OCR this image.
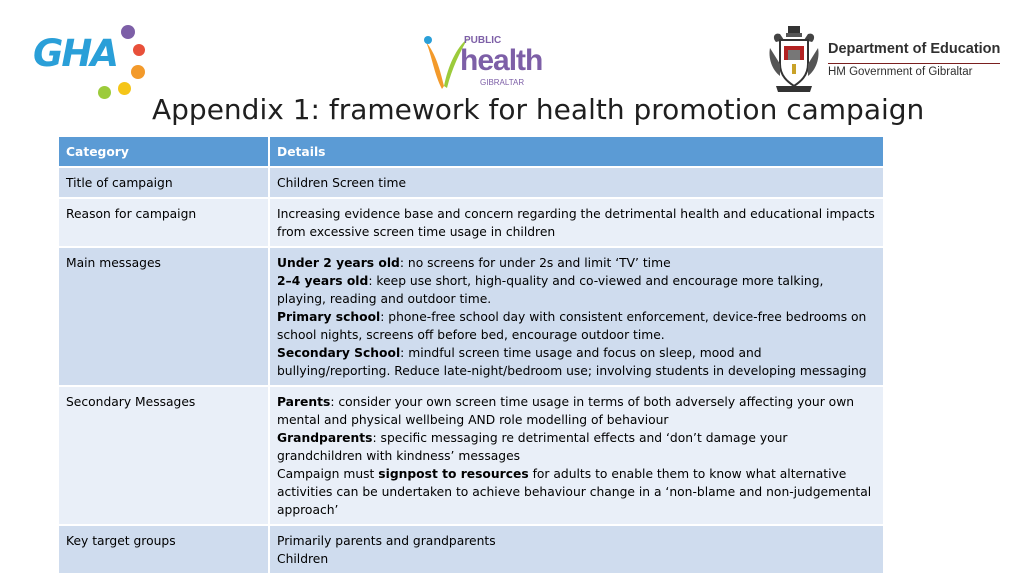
GHA	PUBLIC
health
GIBRALTAR
Department of Education
HM Government of Gibraltar
Appendix 1: framework for health promotion campaign
Category	Details
Title of campaign	Children Screen time

Reason for campaign	Increasing evidence base and concern regarding the detrimental health and educational impacts from excessive screen time usage in children

Main messages	Under 2 years old: no screens for under 2s and limit ‘TV’ time
2–4 years old: keep use short, high-quality and co-viewed and encourage more talking, playing, reading and outdoor time.
Primary school: phone-free school day with consistent enforcement, device-free bedrooms on school nights, screens off before bed, encourage outdoor time.
Secondary School: mindful screen time usage and focus on sleep, mood and bullying/reporting. Reduce late-night/bedroom use; involving students in developing messaging

Secondary Messages	Parents: consider your own screen time usage in terms of both adversely affecting your own mental and physical wellbeing AND role modelling of behaviour
Grandparents: specific messaging re detrimental effects and ‘don’t damage your grandchildren with kindness’ messages
Campaign must signpost to resources for adults to enable them to know what alternative activities can be undertaken to achieve behaviour change in a ‘non-blame and non-judgemental approach’

Key target groups	Primarily parents and grandparents
Children
